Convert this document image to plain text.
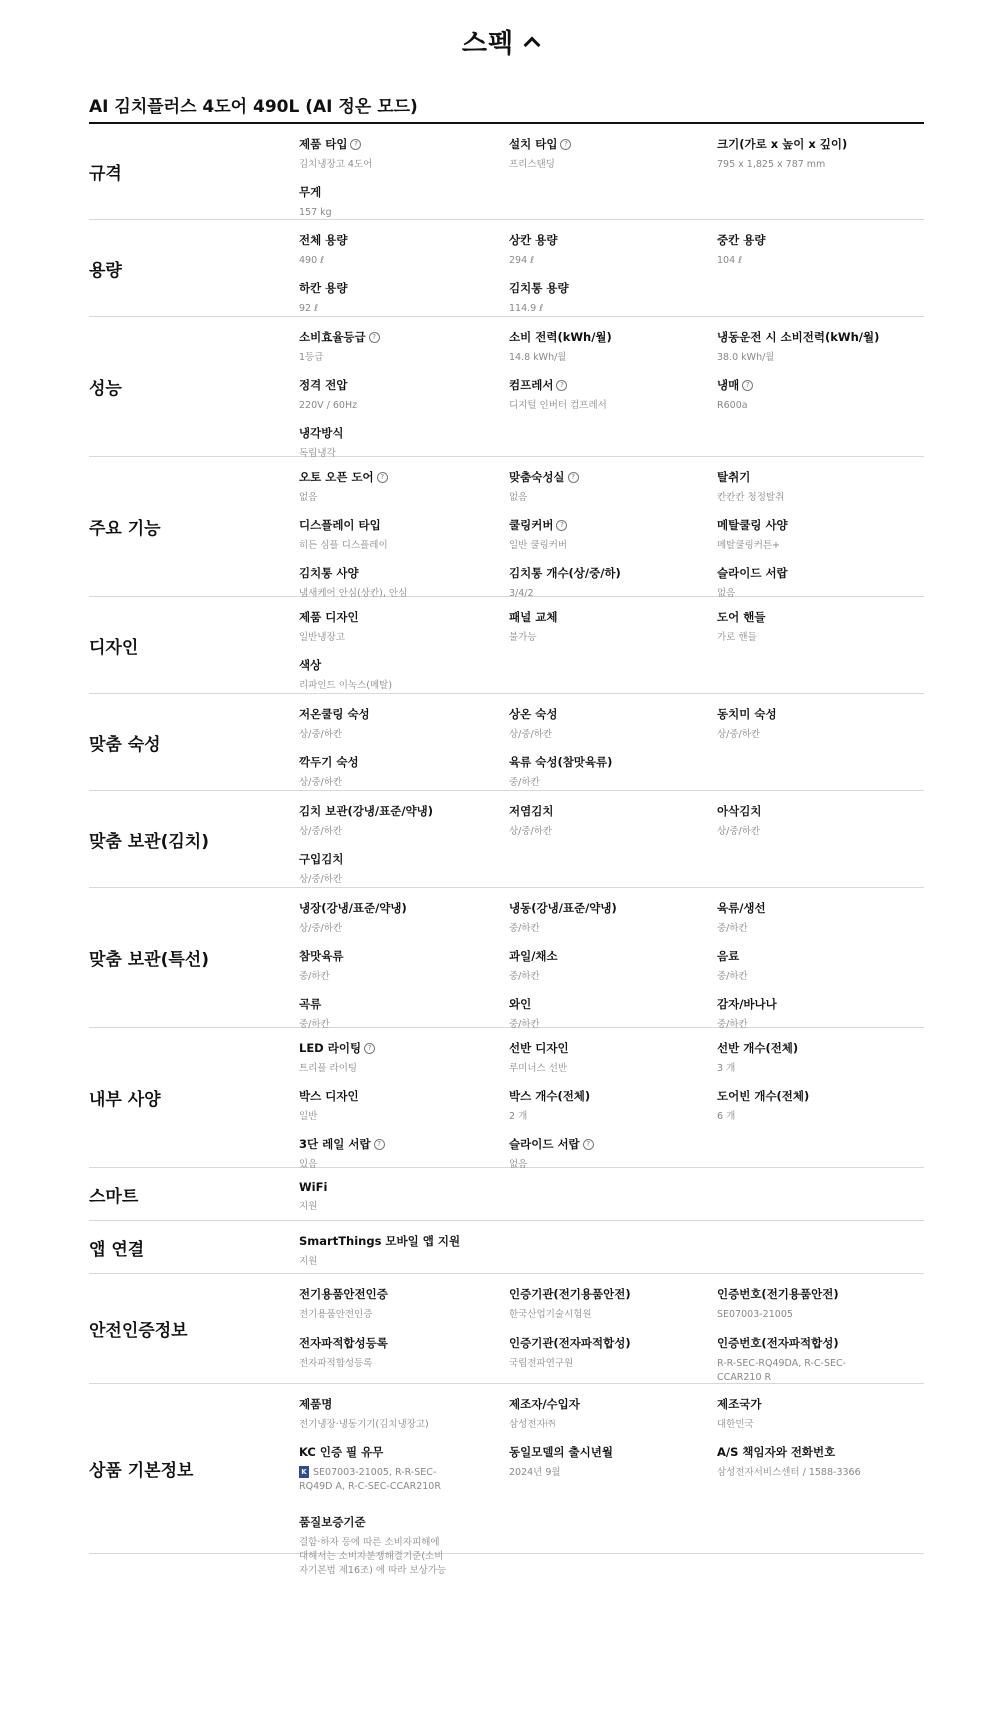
스펙
AI 김치플러스 4도어 490L (AI 정온 모드)
규격
제품 타입 ?
김치냉장고 4도어
설치 타입 ?
프리스탠딩
크기(가로 x 높이 x 깊이)
795 x 1,825 x 787 mm
무게
157 kg
용량
전체 용량
490 ℓ
상칸 용량
294 ℓ
중칸 용량
104 ℓ
하칸 용량
92 ℓ
김치통 용량
114.9 ℓ
성능
소비효율등급 ?
1등급
소비 전력(kWh/월)
14.8 kWh/월
냉동운전 시 소비전력(kWh/월)
38.0 kWh/월
정격 전압
220V / 60Hz
컴프레서 ?
디지털 인버터 컴프레서
냉매 ?
R600a
냉각방식
독립냉각
주요 기능
오토 오픈 도어 ?
없음
맞춤숙성실 ?
없음
탈취기
칸칸칸 청정탈취
디스플레이 타입
히든 심플 디스플레이
쿨링커버 ?
일반 쿨링커버
메탈쿨링 사양
메탈쿨링커튼+
김치통 사양
냄새케어 안심(상칸), 안심
김치통 개수(상/중/하)
3/4/2
슬라이드 서랍
없음
디자인
제품 디자인
일반냉장고
패널 교체
불가능
도어 핸들
가로 핸들
색상
리파인드 이녹스(메탈)
맞춤 숙성
저온쿨링 숙성
상/중/하칸
상온 숙성
상/중/하칸
동치미 숙성
상/중/하칸
깍두기 숙성
상/중/하칸
육류 숙성(참맛육류)
중/하칸
맞춤 보관(김치)
김치 보관(강냉/표준/약냉)
상/중/하칸
저염김치
상/중/하칸
아삭김치
상/중/하칸
구입김치
상/중/하칸
맞춤 보관(특선)
냉장(강냉/표준/약냉)
상/중/하칸
냉동(강냉/표준/약냉)
중/하칸
육류/생선
중/하칸
참맛육류
중/하칸
과일/채소
중/하칸
음료
중/하칸
곡류
중/하칸
와인
중/하칸
감자/바나나
중/하칸
내부 사양
LED 라이팅 ?
트리플 라이팅
선반 디자인
루미너스 선반
선반 개수(전체)
3 개
박스 디자인
일반
박스 개수(전체)
2 개
도어빈 개수(전체)
6 개
3단 레일 서랍 ?
있음
슬라이드 서랍 ?
없음
스마트	WiFi
지원
앱 연결	SmartThings 모바일 앱 지원
지원
안전인증정보
전기용품안전인증
전기용품안전인증
인증기관(전기용품안전)
한국산업기술시험원
인증번호(전기용품안전)
SE07003-21005
전자파적합성등록
전자파적합성등록
인증기관(전자파적합성)
국립전파연구원
인증번호(전자파적합성)
R-R-SEC-RQ49DA, R-C-SEC-CCAR210 R
상품 기본정보
제품명
전기냉장·냉동기기(김치냉장고)
제조자/수입자
삼성전자㈜
제조국가
대한민국
KC 인증 필 유무
K SE07003-21005, R-R-SEC-RQ49D A, R-C-SEC-CCAR210R
동일모델의 출시년월
2024년 9월
A/S 책임자와 전화번호
삼성전자서비스센터 / 1588-3366
품질보증기준
결함·하자 등에 따른 소비자피해에 대해서는 소비자분쟁해결기준(소비자기본법 제16조) 에 따라 보상가능
